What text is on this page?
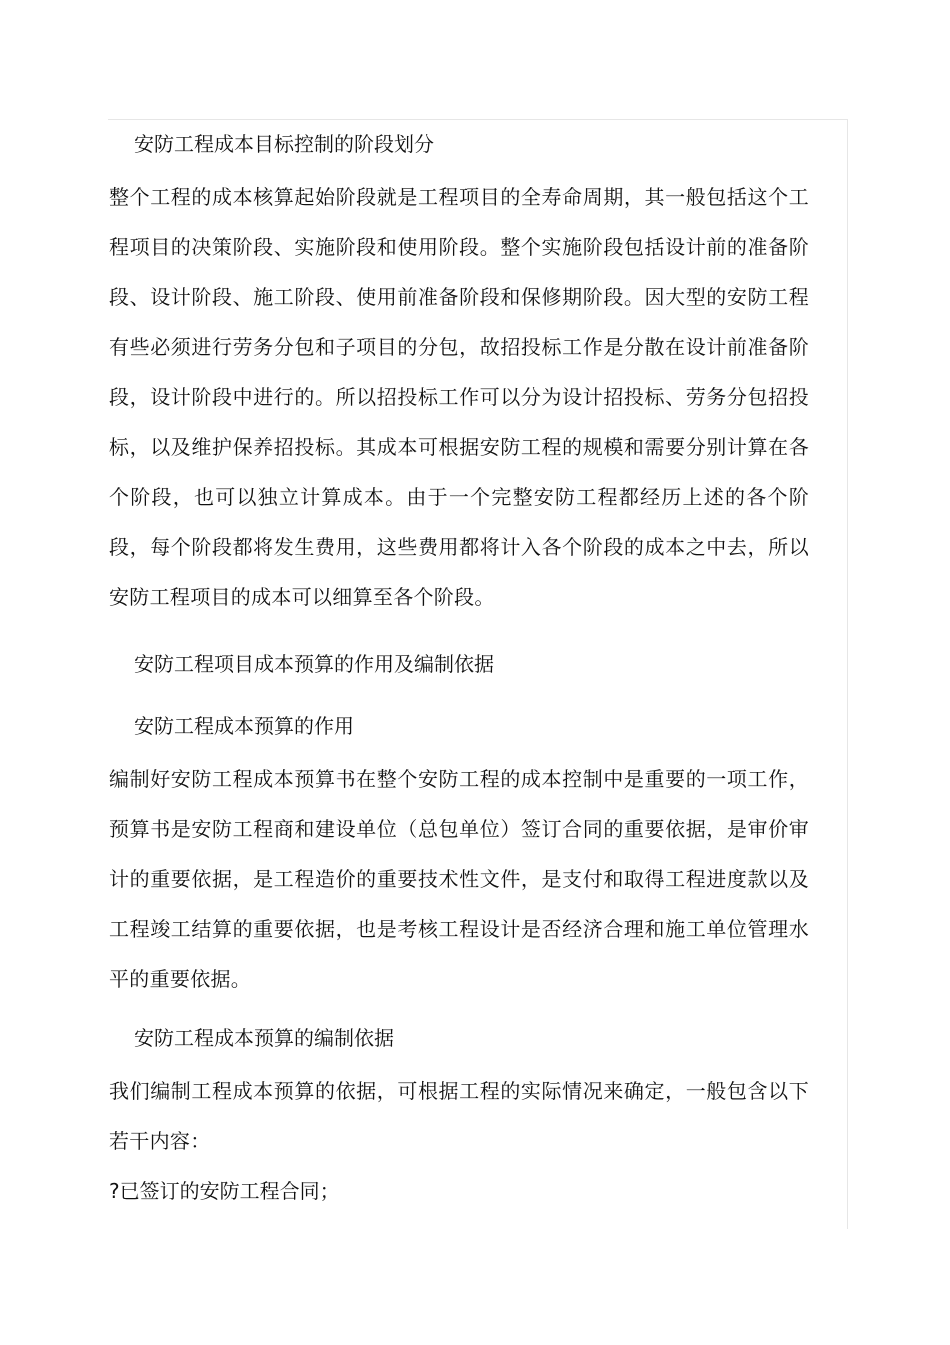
安防工程成本目标控制的阶段划分

整个工程的成本核算起始阶段就是工程项目的全寿命周期，其一般包括这个工程项目的决策阶段、实施阶段和使用阶段。整个实施阶段包括设计前的准备阶段、设计阶段、施工阶段、使用前准备阶段和保修期阶段。因大型的安防工程有些必须进行劳务分包和子项目的分包，故招投标工作是分散在设计前准备阶段，设计阶段中进行的。所以招投标工作可以分为设计招投标、劳务分包招投标，以及维护保养招投标。其成本可根据安防工程的规模和需要分别计算在各个阶段，也可以独立计算成本。由于一个完整安防工程都经历上述的各个阶段，每个阶段都将发生费用，这些费用都将计入各个阶段的成本之中去，所以安防工程项目的成本可以细算至各个阶段。

安防工程项目成本预算的作用及编制依据

安防工程成本预算的作用

编制好安防工程成本预算书在整个安防工程的成本控制中是重要的一项工作，预算书是安防工程商和建设单位（总包单位）签订合同的重要依据，是审价审计的重要依据，是工程造价的重要技术性文件，是支付和取得工程进度款以及工程竣工结算的重要依据，也是考核工程设计是否经济合理和施工单位管理水平的重要依据。

安防工程成本预算的编制依据

我们编制工程成本预算的依据，可根据工程的实际情况来确定，一般包含以下若干内容：

?已签订的安防工程合同；
